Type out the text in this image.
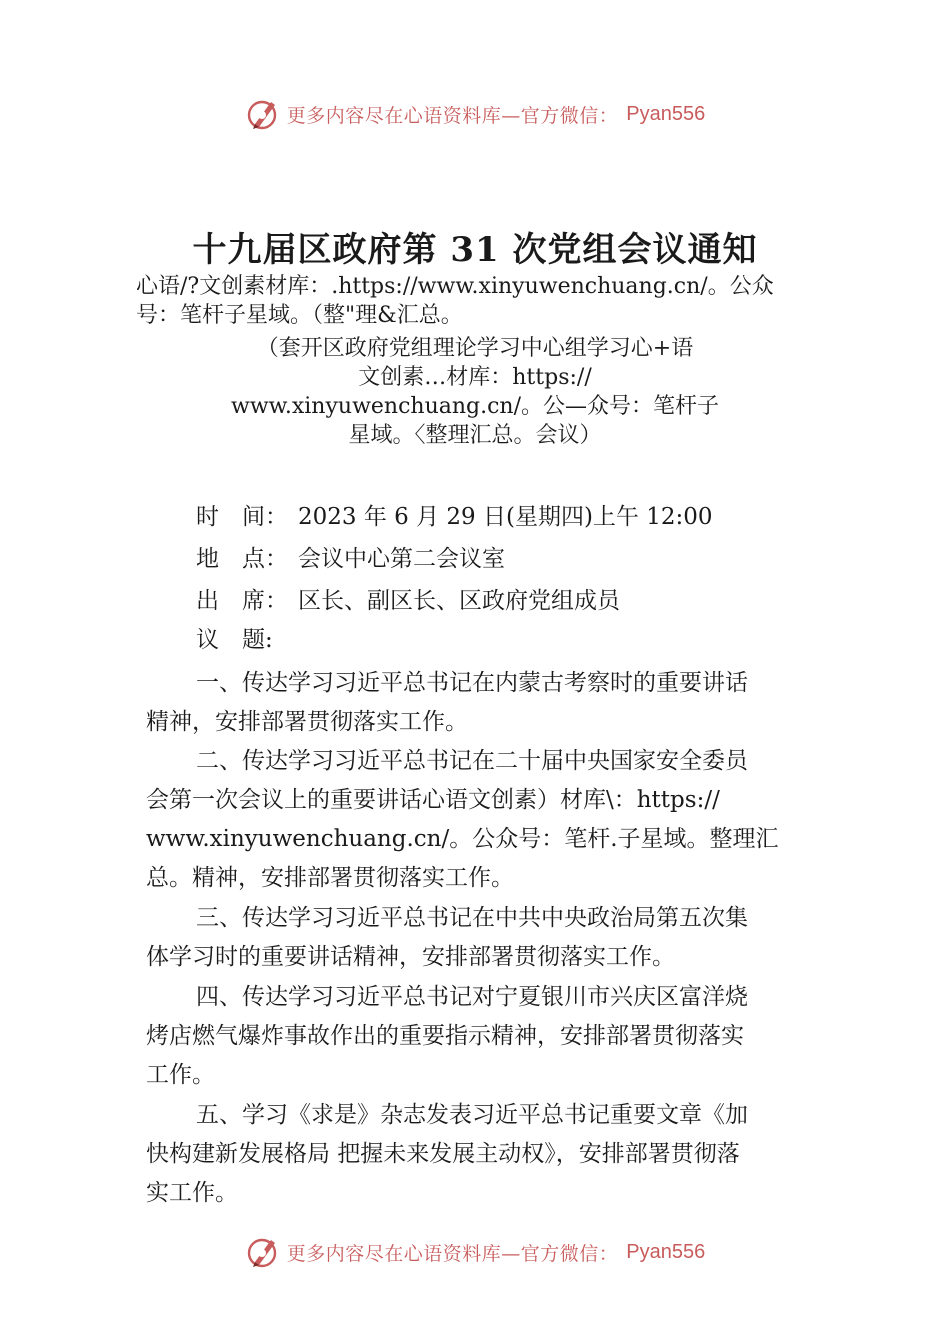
更多内容尽在心语资料库—官方微信： Pyan556
十九届区政府第 31 次党组会议通知
心语/?文创素材库：.https://www.xinyuwenchuang.cn/。公众号：笔杆子星域。（整"理&汇总。
（套开区政府党组理论学习中心组学习心+语
文创素…材库：https://
www.xinyuwenchuang.cn/。公—众号：笔杆子
星域。〈整理汇总。会议）
时　间： 2023 年 6 月 29 日(星期四)上午 12:00
地　点： 会议中心第二会议室
出　席： 区长、副区长、区政府党组成员
议　题:
一、传达学习习近平总书记在内蒙古考察时的重要讲话
精神，安排部署贯彻落实工作。
二、传达学习习近平总书记在二十届中央国家安全委员
会第一次会议上的重要讲话心语文创素）材库\：https://
www.xinyuwenchuang.cn/。公众号：笔杆.子星域。整理汇
总。精神，安排部署贯彻落实工作。
三、传达学习习近平总书记在中共中央政治局第五次集
体学习时的重要讲话精神，安排部署贯彻落实工作。
四、传达学习习近平总书记对宁夏银川市兴庆区富洋烧
烤店燃气爆炸事故作出的重要指示精神，安排部署贯彻落实
工作。
五、学习《求是》杂志发表习近平总书记重要文章《加
快构建新发展格局 把握未来发展主动权》，安排部署贯彻落
实工作。
更多内容尽在心语资料库—官方微信： Pyan556
